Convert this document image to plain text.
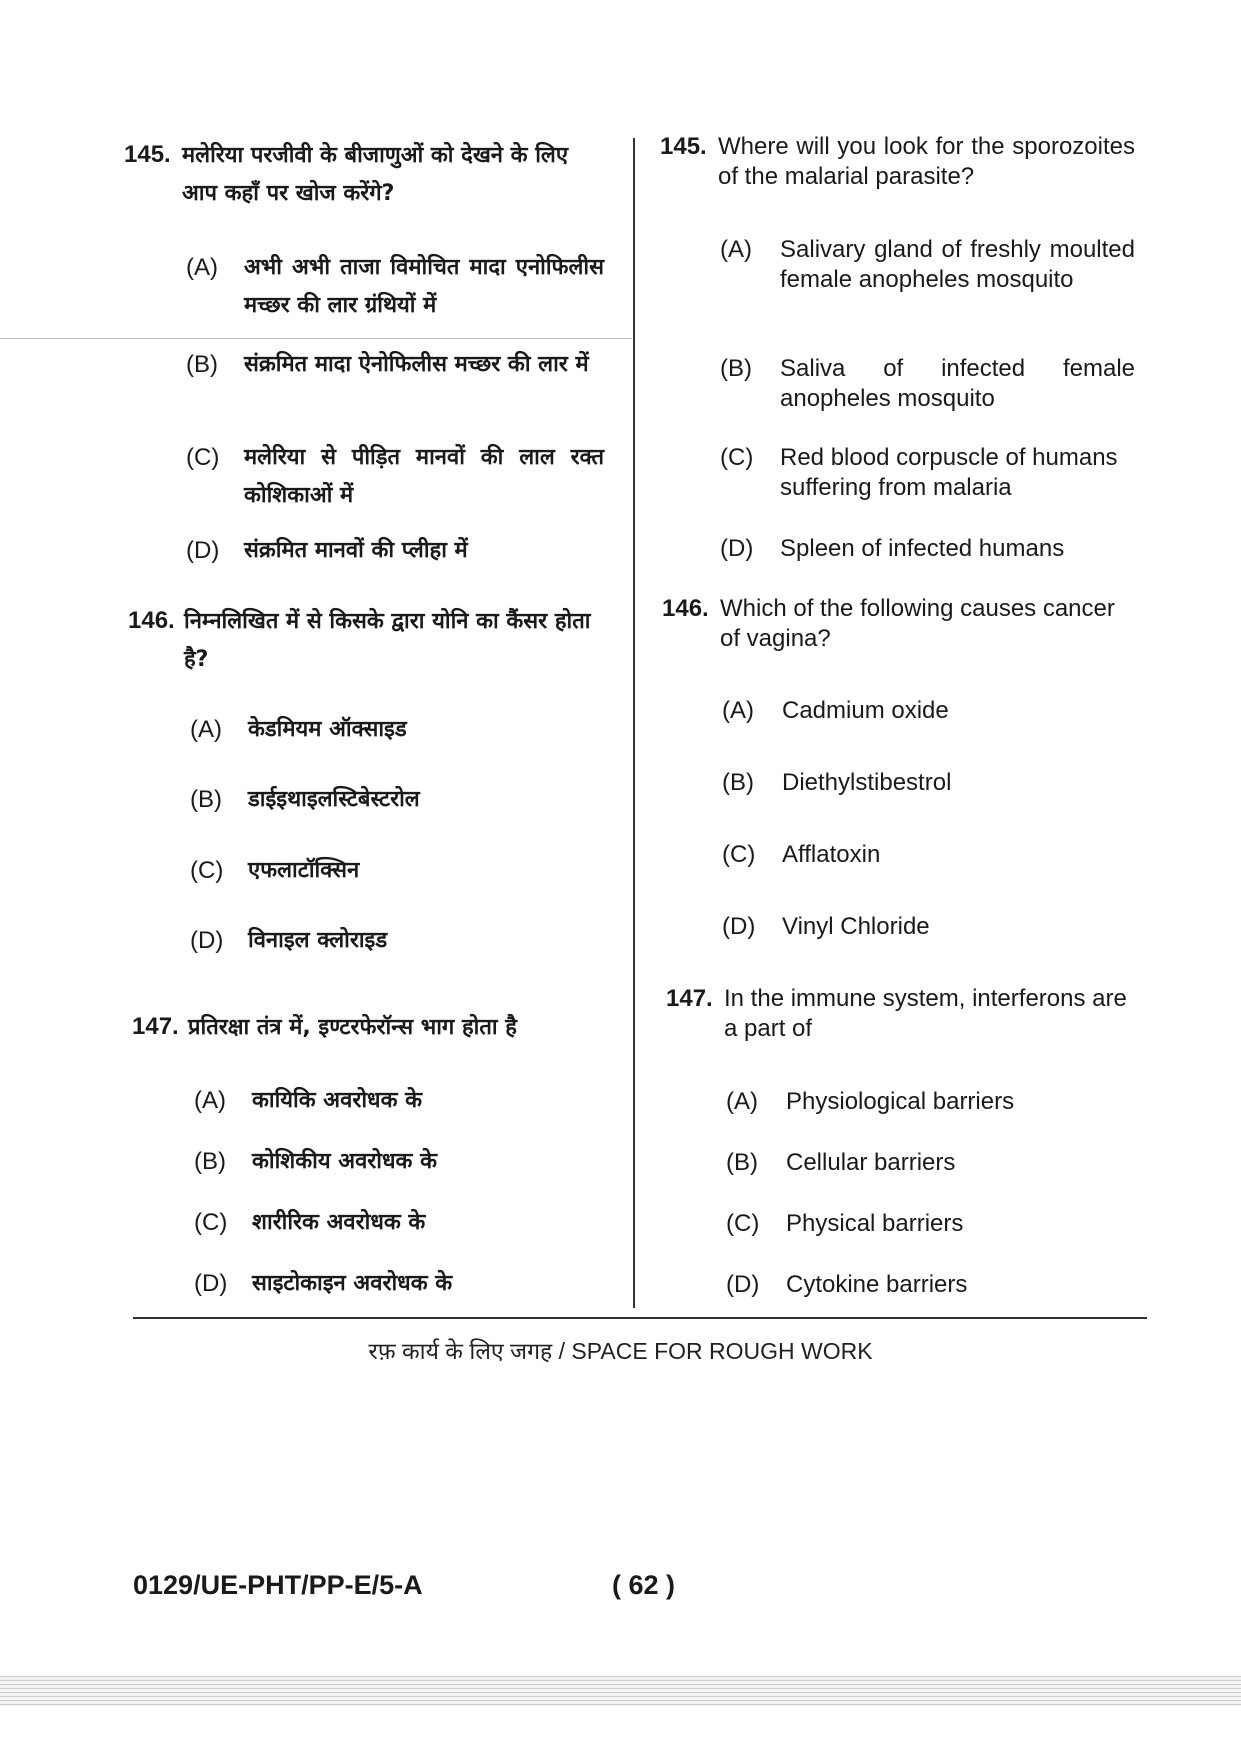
145. मलेरिया परजीवी के बीजाणुओं को देखने के लिए आप कहाँ पर खोज करेंगे?
(A) अभी अभी ताजा विमोचित मादा एनोफिलीस मच्छर की लार ग्रंथियों में
(B) संक्रमित मादा ऐनोफिलीस मच्छर की लार में
(C) मलेरिया से पीड़ित मानवों की लाल रक्त कोशिकाओं में
(D) संक्रमित मानवों की प्लीहा में
146. निम्नलिखित में से किसके द्वारा योनि का कैंसर होता है?
(A) केडमियम ऑक्साइड
(B) डाईइथाइलस्टिबेस्टरोल
(C) एफलाटॉक्सिन
(D) विनाइल क्लोराइड
147. प्रतिरक्षा तंत्र में, इण्टरफेरॉन्स भाग होता है
(A) कायिकि अवरोधक के
(B) कोशिकीय अवरोधक के
(C) शारीरिक अवरोधक के
(D) साइटोकाइन अवरोधक के
145. Where will you look for the sporozoites of the malarial parasite?
(A) Salivary gland of freshly moulted female anopheles mosquito
(B) Saliva of infected female anopheles mosquito
(C) Red blood corpuscle of humans suffering from malaria
(D) Spleen of infected humans
146. Which of the following causes cancer of vagina?
(A) Cadmium oxide
(B) Diethylstibestrol
(C) Afflatoxin
(D) Vinyl Chloride
147. In the immune system, interferons are a part of
(A) Physiological barriers
(B) Cellular barriers
(C) Physical barriers
(D) Cytokine barriers
रफ़ कार्य के लिए जगह / SPACE FOR ROUGH WORK
0129/UE-PHT/PP-E/5-A	( 62 )
